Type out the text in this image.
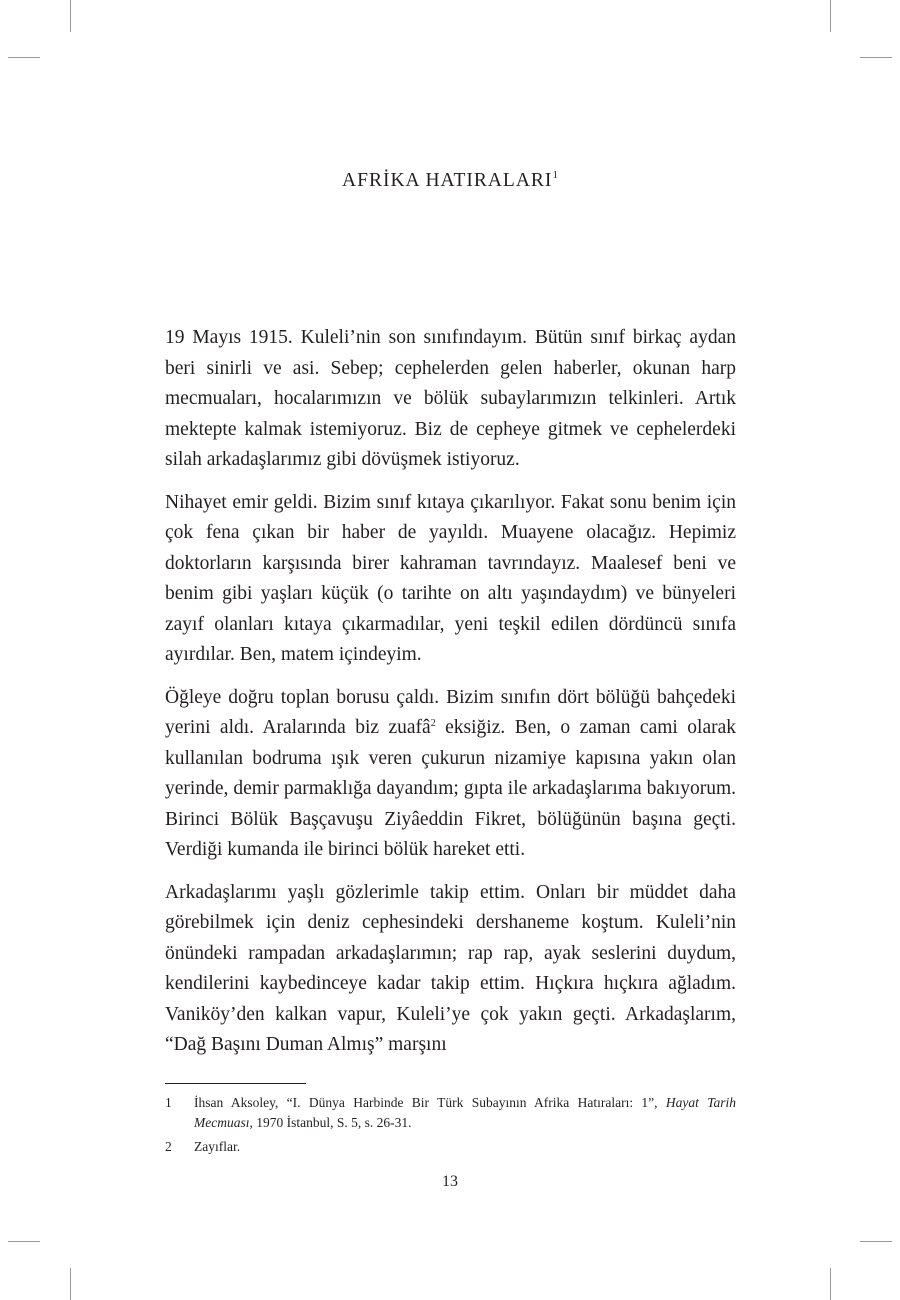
AFRİKA HATIRALARI$^1$

19 Mayıs 1915. Kuleli’nin son sınıfındayım. Bütün sınıf birkaç aydan beri sinirli ve asi. Sebep; cephelerden gelen haberler, okunan harp mecmuaları, hocalarımızın ve bölük subaylarımızın telkinleri. Artık mektepte kalmak istemiyoruz. Biz de cepheye gitmek ve cephelerdeki silah arkadaşlarımız gibi dövüşmek istiyoruz.

Nihayet emir geldi. Bizim sınıf kıtaya çıkarılıyor. Fakat sonu benim için çok fena çıkan bir haber de yayıldı. Muayene olacağız. Hepimiz doktorların karşısında birer kahraman tavrındayız. Maalesef beni ve benim gibi yaşları küçük (o tarihte on altı yaşındaydım) ve bünyeleri zayıf olanları kıtaya çıkarmadılar, yeni teşkil edilen dördüncü sınıfa ayırdılar. Ben, matem içindeyim.

Öğleye doğru toplan borusu çaldı. Bizim sınıfın dört bölüğü bahçedeki yerini aldı. Aralarında biz zuafâ$^2$ eksiğiz. Ben, o zaman cami olarak kullanılan bodruma ışık veren çukurun nizamiye kapısına yakın olan yerinde, demir parmaklığa dayandım; gıpta ile arkadaşlarıma bakıyorum. Birinci Bölük Başçavuşu Ziyâeddin Fikret, bölüğünün başına geçti. Verdiği kumanda ile birinci bölük hareket etti.

Arkadaşlarımı yaşlı gözlerimle takip ettim. Onları bir müddet daha görebilmek için deniz cephesindeki dershaneme koştum. Kuleli’nin önündeki rampadan arkadaşlarımın; rap rap, ayak seslerini duydum, kendilerini kaybedinceye kadar takip ettim. Hıçkıra hıçkıra ağladım. Vaniköy’den kalkan vapur, Kuleli’ye çok yakın geçti. Arkadaşlarım, “Dağ Başını Duman Almış” marşını

1 İhsan Aksoley, “I. Dünya Harbinde Bir Türk Subayının Afrika Hatıraları: 1”, Hayat Tarih Mecmuası, 1970 İstanbul, S. 5, s. 26-31.
2 Zayıflar.
13
